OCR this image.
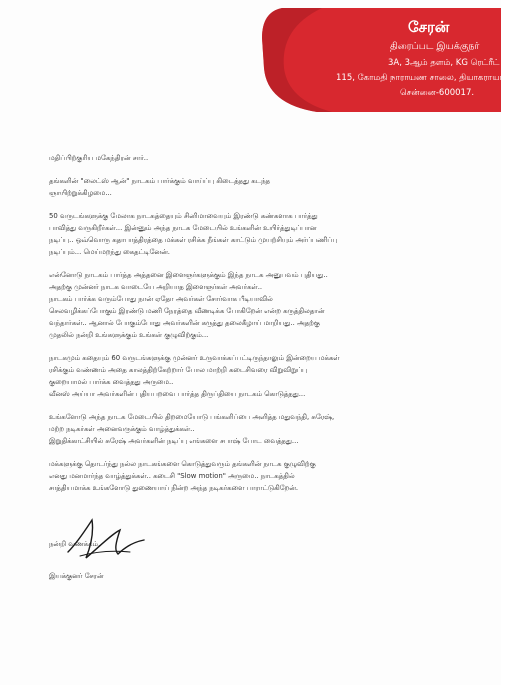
சேரன்
திரைப்பட இயக்குநர்
3A, 3ஆம் தளம், KG ரெட்ரீட்
115, கோமதி நாராயண சாலை, தியாகராயர் நகர்
சென்னை-600017.
மதிப்பிற்குரிய மகேந்திரன் சார்..
தங்களின் "லைட்ஸ் ஆன்" நாடகம் பார்க்கும் வாய்ப்பு கிடைத்தது கடந்த
ஞாயிற்றுக்கிழமை...
50 வருடங்களுக்கு மேலாக நாடகத்தையும் சினிமாவையும் இரண்டு கண்களாக பார்த்து
பாவித்து வருகிறீர்கள்... இன்னும் அந்த நாடக மேடையில் உங்களின் உயிர்த்துடிப்பான
நடிப்பு.. ஒவ்வொரு கதாபாத்திரத்தை மக்கள் ரசிக்க நீங்கள் காட்டும் முயற்சியும் அர்ப்பணிப்பு
நடிப்பும்... மெய்மறந்து கைதட்டினேன்.
என்னோடு நாடகம் பார்த்த அத்தனை இளைஞர்களுக்கும் இந்த நாடக அனுபவம் புதியது..
அதற்கு முன்னர் நாடக வாடையே அறியாத இளைஞர்கள் அவர்கள்..
நாடகம் பார்க்க வரும்போது நான் ஏதோ அவர்கள் சோர்வாக பீடியாவில்
செலவழிக்கப்போகும் இரண்டு மணி நேரத்தை வீணடிக்க போகிறேன் என்ற கருத்திலதான்
வந்தார்கள்.. ஆனால் போகும்போது அவர்களின் கருத்து தலைகீழாய் மாறியது.. அதற்கு
முதலில் நன்றி உங்களுக்கும் உங்கள் குழுவிற்கும்...
நாடகமும் கதையும் 60 வருடங்களுக்கு முன்னர் உருவாக்கப்பட்டிருந்தாலும் இன்றைய மக்கள்
ரசிக்கும் வண்ணம் அதை காலத்திற்கேற்றார் போல மாற்றி கடைசிவரை விறுவிறுப்பு
குறையாமல் பார்க்க வைத்தது அருமை..
வீனஸ் அய்யா அவர்களின் புதியபறவை பார்த்த திருப்தியை நாடகம் கொடுத்தது...
உங்களோடு அந்த நாடக மேடையில் திறமையோடு பங்களிப்பை அளித்த மதுவந்தி, சுரேஷ்,
மற்ற நடிகர்கள் அனைவருக்கும் வாழ்த்துக்கள்..
இறுதிக்காட்சியில் சுரேஷ் அவர்களின் நடிப்பு எங்களை சபாஷ் போட வைத்தது...
மக்களுக்கு தொடர்ந்து நல்ல நாடகங்களை கொடுத்துவரும் தங்களின் நாடக குழுவிற்கு
எனது மனமார்ந்த வாழ்த்துக்கள்.. கடைசி "Slow motion" அருமை.. நாடகத்தில்
சாத்தியமாக்க உங்களோடு துணையாய் நின்ற அந்த நடிகர்களை பாராட்டுகிறேன்.
நன்றி வணக்கம்,
இயக்குனர் சேரன்
